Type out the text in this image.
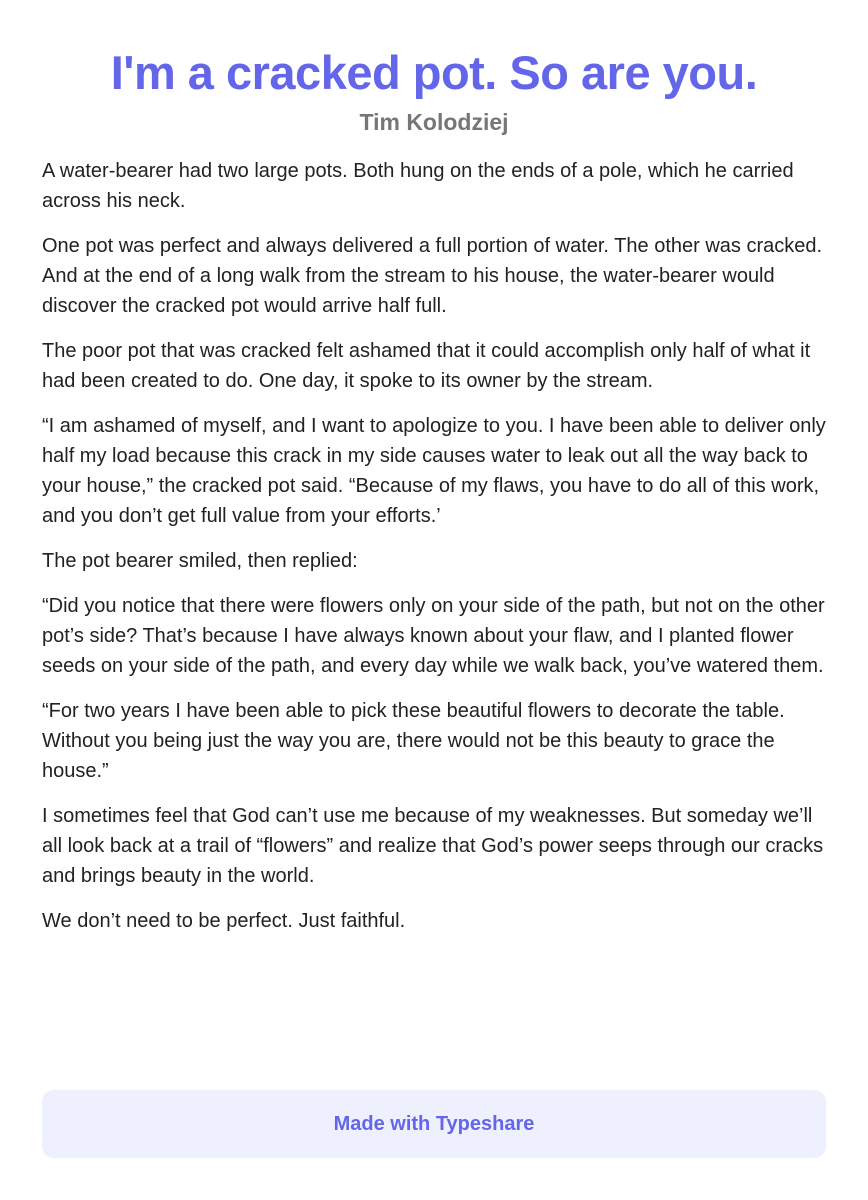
I'm a cracked pot. So are you.
Tim Kolodziej

A water-bearer had two large pots. Both hung on the ends of a pole, which he carried across his neck.

One pot was perfect and always delivered a full portion of water. The other was cracked. And at the end of a long walk from the stream to his house, the water-bearer would discover the cracked pot would arrive half full.

The poor pot that was cracked felt ashamed that it could accomplish only half of what it had been created to do. One day, it spoke to its owner by the stream.

“I am ashamed of myself, and I want to apologize to you. I have been able to deliver only half my load because this crack in my side causes water to leak out all the way back to your house,” the cracked pot said. “Because of my flaws, you have to do all of this work, and you don’t get full value from your efforts.’

The pot bearer smiled, then replied:

“Did you notice that there were flowers only on your side of the path, but not on the other pot’s side? That’s because I have always known about your flaw, and I planted flower seeds on your side of the path, and every day while we walk back, you’ve watered them.

“For two years I have been able to pick these beautiful flowers to decorate the table. Without you being just the way you are, there would not be this beauty to grace the house.”

I sometimes feel that God can’t use me because of my weaknesses. But someday we’ll all look back at a trail of “flowers” and realize that God’s power seeps through our cracks and brings beauty in the world.

We don’t need to be perfect. Just faithful.

Made with Typeshare
